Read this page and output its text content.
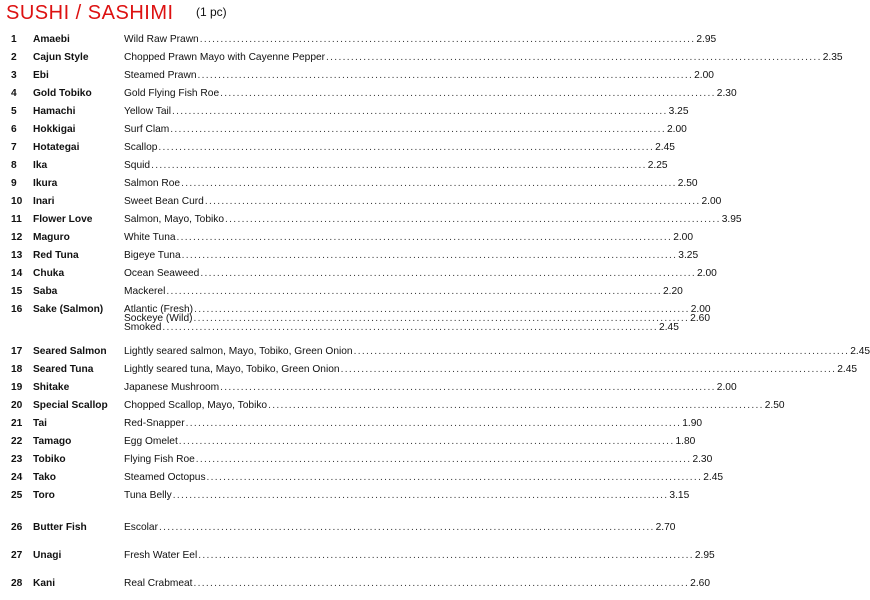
SUSHI / SASHIMI (1 pc)
1	Amaebi	Wild Raw Prawn ........................................................................................................................ 2.95
2	Cajun Style	Chopped Prawn Mayo with Cayenne Pepper ........................................................................................................................ 2.35
3	Ebi	Steamed Prawn ........................................................................................................................ 2.00
4	Gold Tobiko	Gold Flying Fish Roe ........................................................................................................................ 2.30
5	Hamachi	Yellow Tail ........................................................................................................................ 3.25
6	Hokkigai	Surf Clam ........................................................................................................................ 2.00
7	Hotategai	Scallop ........................................................................................................................ 2.45
8	Ika	Squid ........................................................................................................................ 2.25
9	Ikura	Salmon Roe ........................................................................................................................ 2.50
10	Inari	Sweet Bean Curd ........................................................................................................................ 2.00
11	Flower Love	Salmon, Mayo, Tobiko ........................................................................................................................ 3.95
12	Maguro	White Tuna ........................................................................................................................ 2.00
13	Red Tuna	Bigeye Tuna ........................................................................................................................ 3.25
14	Chuka	Ocean Seaweed ........................................................................................................................ 2.00
15	Saba	Mackerel ........................................................................................................................ 2.20
16	Sake (Salmon)	Atlantic (Fresh) ........................................................................................................................ 2.00
Sockeye (Wild) ........................................................................................................................ 2.60
Smoked ........................................................................................................................ 2.45
17	Seared Salmon	Lightly seared salmon, Mayo, Tobiko, Green Onion ........................................................................................................................ 2.45
18	Seared Tuna	Lightly seared tuna, Mayo, Tobiko, Green Onion ........................................................................................................................ 2.45
19	Shitake	Japanese Mushroom ........................................................................................................................ 2.00
20	Special Scallop	Chopped Scallop, Mayo, Tobiko ........................................................................................................................ 2.50
21	Tai	Red-Snapper ........................................................................................................................ 1.90
22	Tamago	Egg Omelet ........................................................................................................................ 1.80
23	Tobiko	Flying Fish Roe ........................................................................................................................ 2.30
24	Tako	Steamed Octopus ........................................................................................................................ 2.45
25	Toro	Tuna Belly ........................................................................................................................ 3.15
26	Butter Fish	Escolar ........................................................................................................................ 2.70
27	Unagi	Fresh Water Eel ........................................................................................................................ 2.95
28	Kani	Real Crabmeat ........................................................................................................................ 2.60
